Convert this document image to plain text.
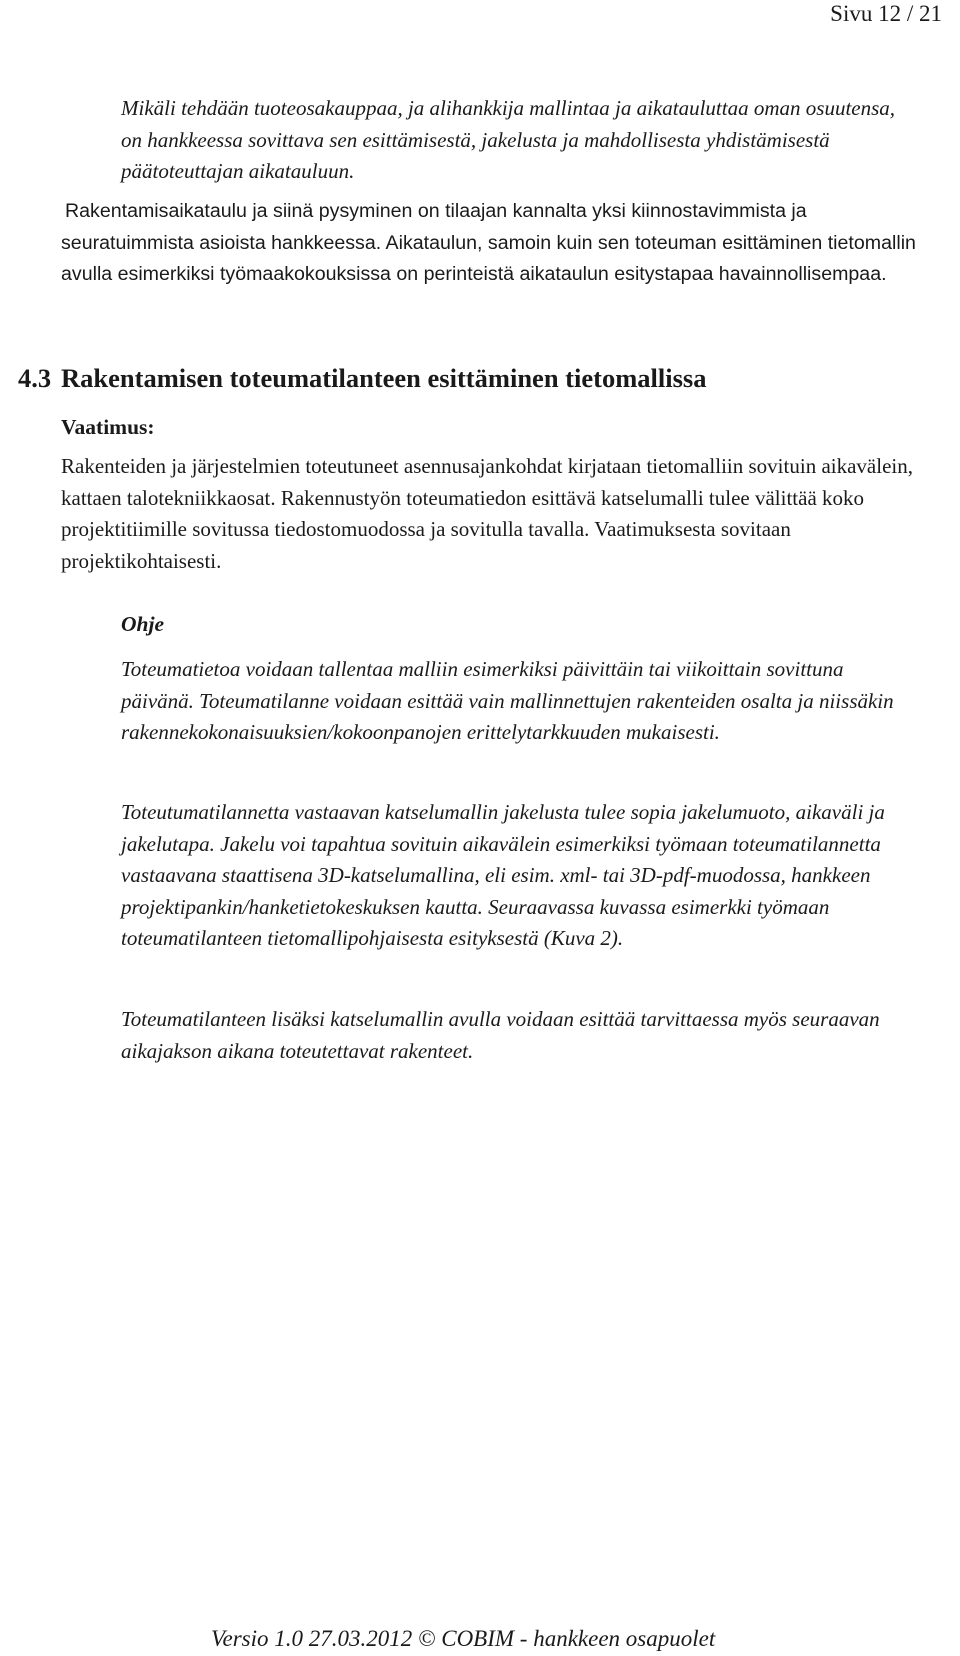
Sivu 12 / 21

Mikäli tehdään tuoteosakauppaa, ja alihankkija mallintaa ja aikatauluttaa oman osuutensa, on hankkeessa sovittava sen esittämisestä, jakelusta ja mahdollisesta yhdistämisestä päätoteuttajan aikatauluun.

Rakentamisaikataulu ja siinä pysyminen on tilaajan kannalta yksi kiinnostavimmista ja seuratuimmista asioista hankkeessa. Aikataulun, samoin kuin sen toteuman esittäminen tietomallin avulla esimerkiksi työmaakokouksissa on perinteistä aikataulun esitystapaa havainnollisempaa.

4.3 Rakentamisen toteumatilanteen esittäminen tietomallissa
Vaatimus:

Rakenteiden ja järjestelmien toteutuneet asennusajankohdat kirjataan tietomalliin sovituin aikavälein, kattaen talotekniikkaosat. Rakennustyön toteumatiedon esittävä katselumalli tulee välittää koko projektitiimille sovitussa tiedostomuodossa ja sovitulla tavalla. Vaatimuksesta sovitaan projektikohtaisesti.

Ohje

Toteumatietoa voidaan tallentaa malliin esimerkiksi päivittäin tai viikoittain sovittuna päivänä. Toteumatilanne voidaan esittää vain mallinnettujen rakenteiden osalta ja niissäkin rakennekokonaisuuksien/kokoonpanojen erittelytarkkuuden mukaisesti.

Toteutumatilannetta vastaavan katselumallin jakelusta tulee sopia jakelumuoto, aikaväli ja jakelutapa. Jakelu voi tapahtua sovituin aikavälein esimerkiksi työmaan toteumatilannetta vastaavana staattisena 3D-katselumallina, eli esim. xml- tai 3D-pdf-muodossa, hankkeen projektipankin/hanketietokeskuksen kautta. Seuraavassa kuvassa esimerkki työmaan toteumatilanteen tietomallipohjaisesta esityksestä (Kuva 2).

Toteumatilanteen lisäksi katselumallin avulla voidaan esittää tarvittaessa myös seuraavan aikajakson aikana toteutettavat rakenteet.

Versio 1.0 27.03.2012 © COBIM - hankkeen osapuolet
